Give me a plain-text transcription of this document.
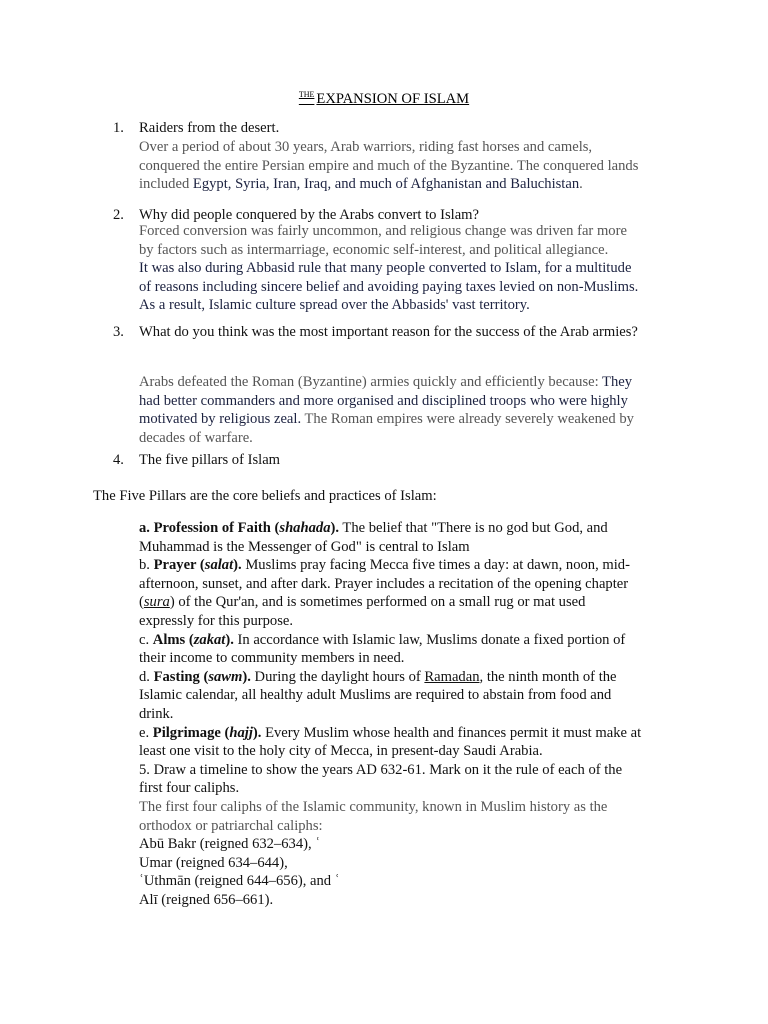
$^{THE}$ EXPANSION OF ISLAM
1. Raiders from the desert.
Over a period of about 30 years, Arab warriors, riding fast horses and camels,
conquered the entire Persian empire and much of the Byzantine. The conquered lands
included Egypt, Syria, Iran, Iraq, and much of Afghanistan and Baluchistan.
2. Why did people conquered by the Arabs convert to Islam?
Forced conversion was fairly uncommon, and religious change was driven far more
by factors such as intermarriage, economic self-interest, and political allegiance.
It was also during Abbasid rule that many people converted to Islam, for a multitude
of reasons including sincere belief and avoiding paying taxes levied on non-Muslims.
As a result, Islamic culture spread over the Abbasids' vast territory.
3. What do you think was the most important reason for the success of the Arab armies?
Arabs defeated the Roman (Byzantine) armies quickly and efficiently because: They
had better commanders and more organised and disciplined troops who were highly
motivated by religious zeal. The Roman empires were already severely weakened by
decades of warfare.
4. The five pillars of Islam
The Five Pillars are the core beliefs and practices of Islam:
a. Profession of Faith (shahada). The belief that "There is no god but God, and
Muhammad is the Messenger of God" is central to Islam
b. Prayer (salat). Muslims pray facing Mecca five times a day: at dawn, noon, mid-
afternoon, sunset, and after dark. Prayer includes a recitation of the opening chapter
(sura) of the Qur'an, and is sometimes performed on a small rug or mat used
expressly for this purpose.
c. Alms (zakat). In accordance with Islamic law, Muslims donate a fixed portion of
their income to community members in need.
d. Fasting (sawm). During the daylight hours of Ramadan, the ninth month of the
Islamic calendar, all healthy adult Muslims are required to abstain from food and
drink.
e. Pilgrimage (hajj). Every Muslim whose health and finances permit it must make at
least one visit to the holy city of Mecca, in present-day Saudi Arabia.
5. Draw a timeline to show the years AD 632-61. Mark on it the rule of each of the
first four caliphs.
The first four caliphs of the Islamic community, known in Muslim history as the
orthodox or patriarchal caliphs:
Abū Bakr (reigned 632–634), ʿ
Umar (reigned 634–644),
ʿUthmān (reigned 644–656), and ʿ
Alī (reigned 656–661).
